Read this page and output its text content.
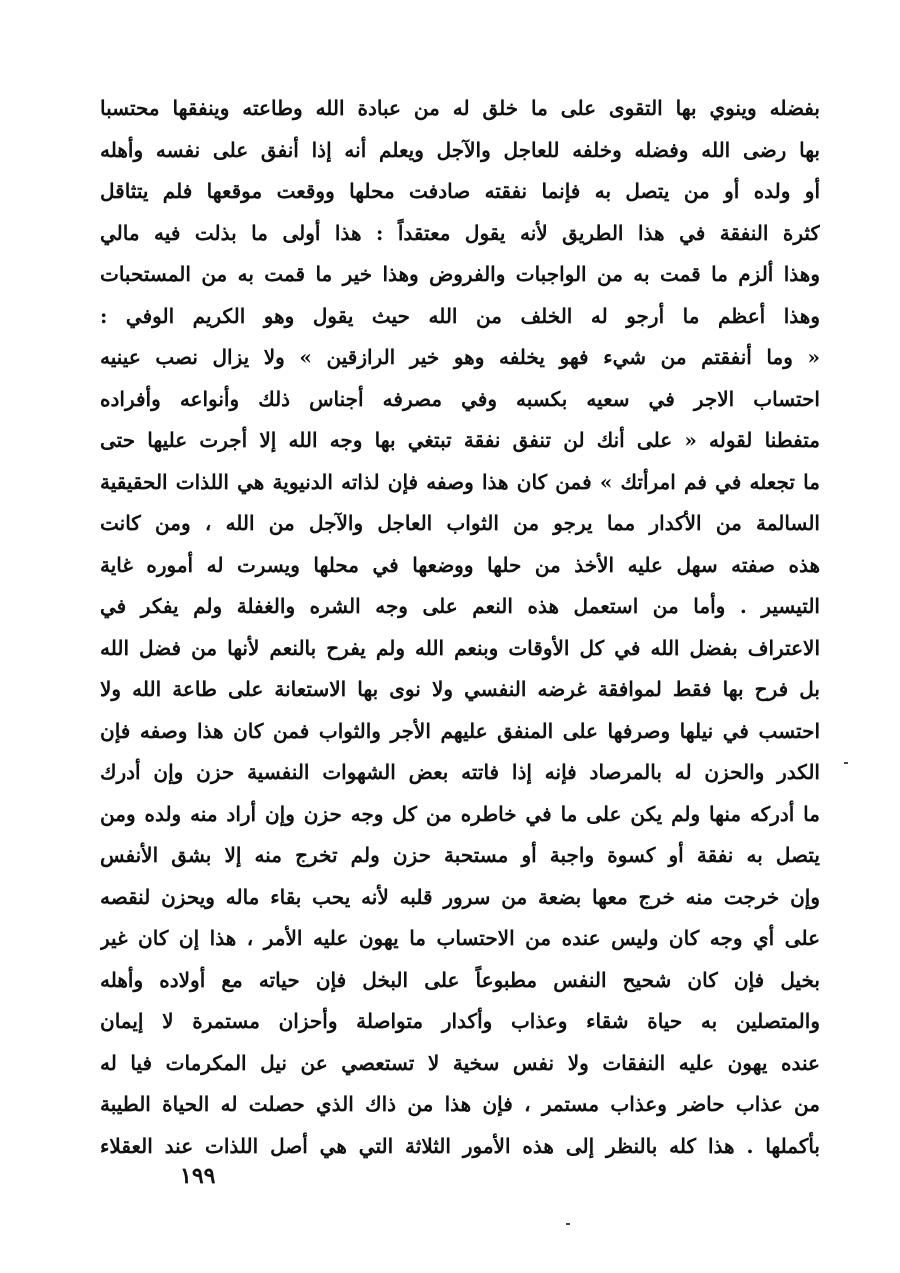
بفضله وينوي بها التقوى على ما خلق له من عبادة الله وطاعته وينفقها محتسبا
بها رضى الله وفضله وخلفه للعاجل والآجل ويعلم أنه إذا أنفق على نفسه وأهله
أو ولده أو من يتصل به فإنما نفقته صادفت محلها ووقعت موقعها فلم يتثاقل
كثرة النفقة في هذا الطريق لأنه يقول معتقداً : هذا أولى ما بذلت فيه مالي
وهذا ألزم ما قمت به من الواجبات والفروض وهذا خير ما قمت به من المستحبات
وهذا أعظم ما أرجو له الخلف من الله حيث يقول وهو الكريم الوفي :
« وما أنفقتم من شيء فهو يخلفه وهو خير الرازقين » ولا يزال نصب عينيه
احتساب الاجر في سعيه بكسبه وفي مصرفه أجناس ذلك وأنواعه وأفراده
متفطنا لقوله « على أنك لن تنفق نفقة تبتغي بها وجه الله إلا أجرت عليها حتى
ما تجعله في فم امرأتك » فمن كان هذا وصفه فإن لذاته الدنيوية هي اللذات الحقيقية
السالمة من الأكدار مما يرجو من الثواب العاجل والآجل من الله ، ومن كانت
هذه صفته سهل عليه الأخذ من حلها ووضعها في محلها ويسرت له أموره غاية
التيسير . وأما من استعمل هذه النعم على وجه الشره والغفلة ولم يفكر في
الاعتراف بفضل الله في كل الأوقات وبنعم الله ولم يفرح بالنعم لأنها من فضل الله
بل فرح بها فقط لموافقة غرضه النفسي ولا نوى بها الاستعانة على طاعة الله ولا
احتسب في نيلها وصرفها على المنفق عليهم الأجر والثواب فمن كان هذا وصفه فإن
الكدر والحزن له بالمرصاد فإنه إذا فاتته بعض الشهوات النفسية حزن وإن أدرك
ما أدركه منها ولم يكن على ما في خاطره من كل وجه حزن وإن أراد منه ولده ومن
يتصل به نفقة أو كسوة واجبة أو مستحبة حزن ولم تخرج منه إلا بشق الأنفس
وإن خرجت منه خرج معها بضعة من سرور قلبه لأنه يحب بقاء ماله ويحزن لنقصه
على أي وجه كان وليس عنده من الاحتساب ما يهون عليه الأمر ، هذا إن كان غير
بخيل فإن كان شحيح النفس مطبوعاً على البخل فإن حياته مع أولاده وأهله
والمتصلين به حياة شقاء وعذاب وأكدار متواصلة وأحزان مستمرة لا إيمان
عنده يهون عليه النفقات ولا نفس سخية لا تستعصي عن نيل المكرمات فيا له
من عذاب حاضر وعذاب مستمر ، فإن هذا من ذاك الذي حصلت له الحياة الطيبة
بأكملها . هذا كله بالنظر إلى هذه الأمور الثلاثة التي هي أصل اللذات عند العقلاء
١٩٩
